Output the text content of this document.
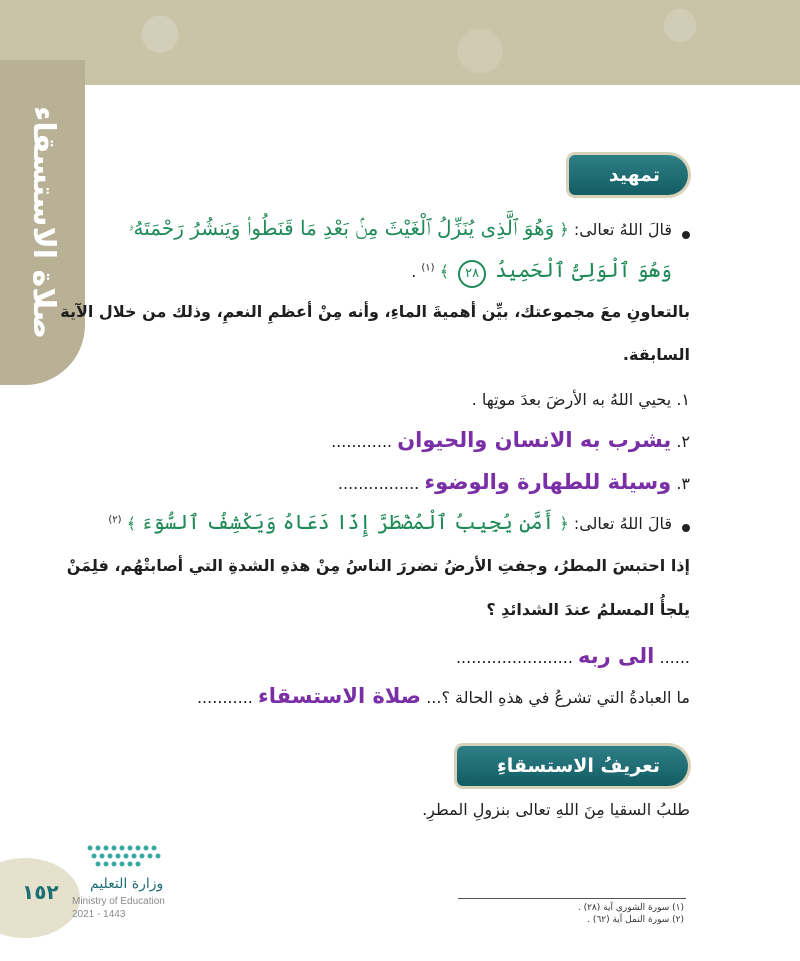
صلاة الاستسقاء	تمهيد
قالَ اللهُ تعالى: ﴿ وَهُوَ ٱلَّذِى يُنَزِّلُ ٱلْغَيْثَ مِنۢ بَعْدِ مَا قَنَطُوا۟ وَيَنشُرُ رَحْمَتَهُۥ
وَهُوَ ٱلْوَلِىُّ ٱلْحَمِيدُ ٢٨ ﴾ $^{(١)}$ .
بالتعاونِ معَ مجموعتك، بيِّن أهميةَ الماءِ، وأنه مِنْ أعظمِ النعمِ، وذلك من خلال الآية
السابقة.
١. يحيي اللهُ به الأرضَ بعدَ موتِها .
٢. يشرب به الانسان والحيوان ............
٣. وسيلة للطهارة والوضوء ................
قالَ اللهُ تعالى: ﴿ أَمَّن يُجِيبُ ٱلْمُضْطَرَّ إِذَا دَعَاهُ وَيَكْشِفُ ٱلسُّوٓءَ ﴾ $^{(٢)}$
إذا احتبسَ المطرُ، وجفتِ الأرضُ تضررَ الناسُ مِنْ هذهِ الشدةِ التي أصابتْهُم، فلِمَنْ
يلجأُ المسلمُ عندَ الشدائدِ ؟
...... الى ربه .......................
ما العبادةُ التي تشرعُ في هذهِ الحالة ؟... صلاة الاستسقاء ...........
تعريفُ الاستسقاءِ
طلبُ السقيا مِنَ اللهِ تعالى بنزولِ المطرِ.
(١) سورة الشورى آية (٢٨) .
(٢) سورة النمل آية (٦٢) .
١٥٢ وزارة التعليم
Ministry of Education
2021 - 1443
